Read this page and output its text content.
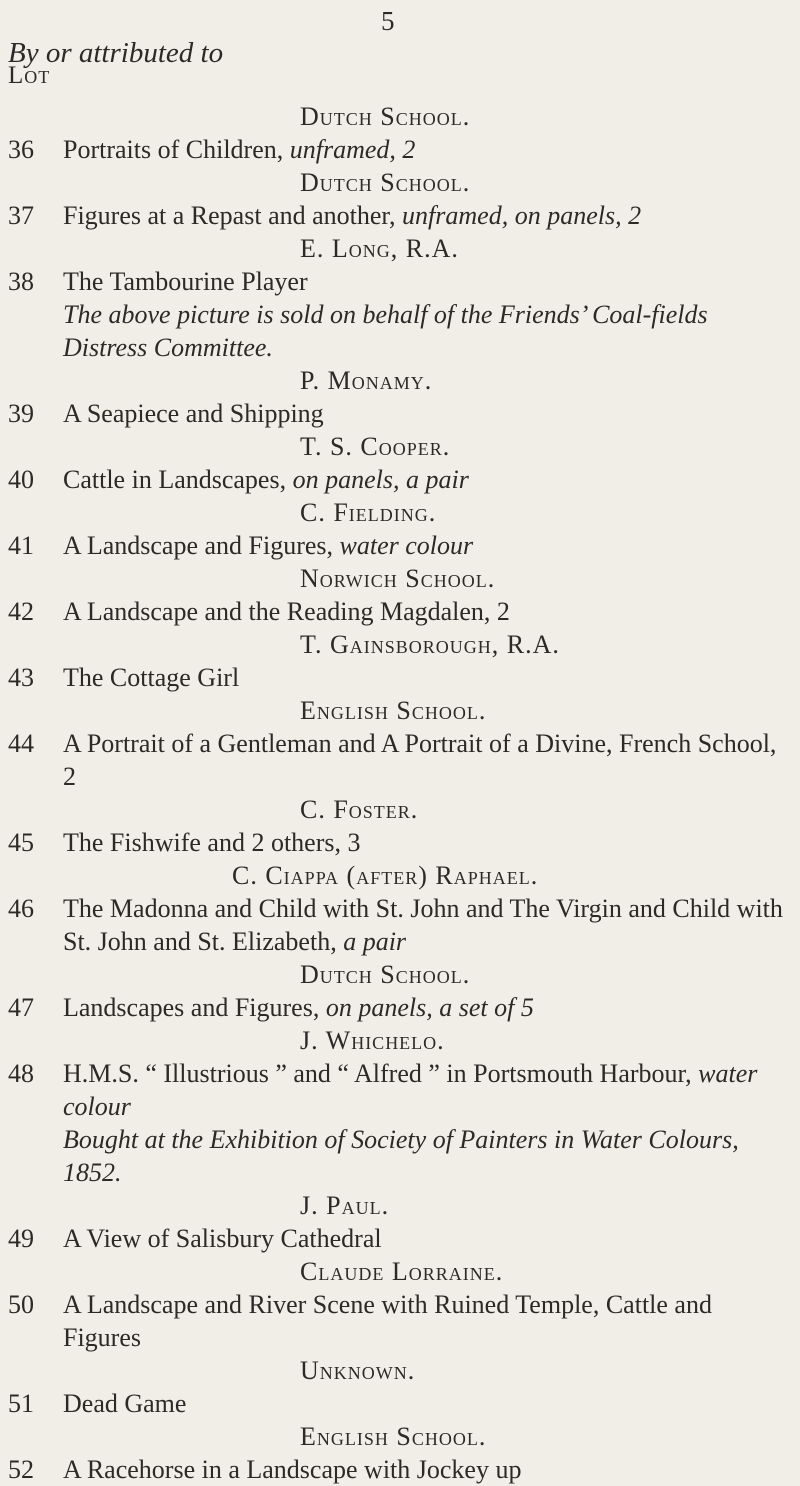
5
By or attributed to
Lot
Dutch School.
36	Portraits of Children, unframed, 2
Dutch School.
37	Figures at a Repast and another, unframed, on panels, 2
E. Long, R.A.
38	The Tambourine Player
The above picture is sold on behalf of the Friends’ Coal-fields Distress Committee.
P. Monamy.
39	A Seapiece and Shipping
T. S. Cooper.
40	Cattle in Landscapes, on panels, a pair
C. Fielding.
41	A Landscape and Figures, water colour
Norwich School.
42	A Landscape and the Reading Magdalen, 2
T. Gainsborough, R.A.
43	The Cottage Girl
English School.
44	A Portrait of a Gentleman and A Portrait of a Divine, French School, 2
C. Foster.
45	The Fishwife and 2 others, 3
C. Ciappa (after) Raphael.
46	The Madonna and Child with St. John and The Virgin and Child with St. John and St. Elizabeth, a pair
Dutch School.
47	Landscapes and Figures, on panels, a set of 5
J. Whichelo.
48	H.M.S. “ Illustrious ” and “ Alfred ” in Portsmouth Harbour, water colour
Bought at the Exhibition of Society of Painters in Water Colours, 1852.
J. Paul.
49	A View of Salisbury Cathedral
Claude Lorraine.
50	A Landscape and River Scene with Ruined Temple, Cattle and Figures
Unknown.
51	Dead Game
English School.
52	A Racehorse in a Landscape with Jockey up
